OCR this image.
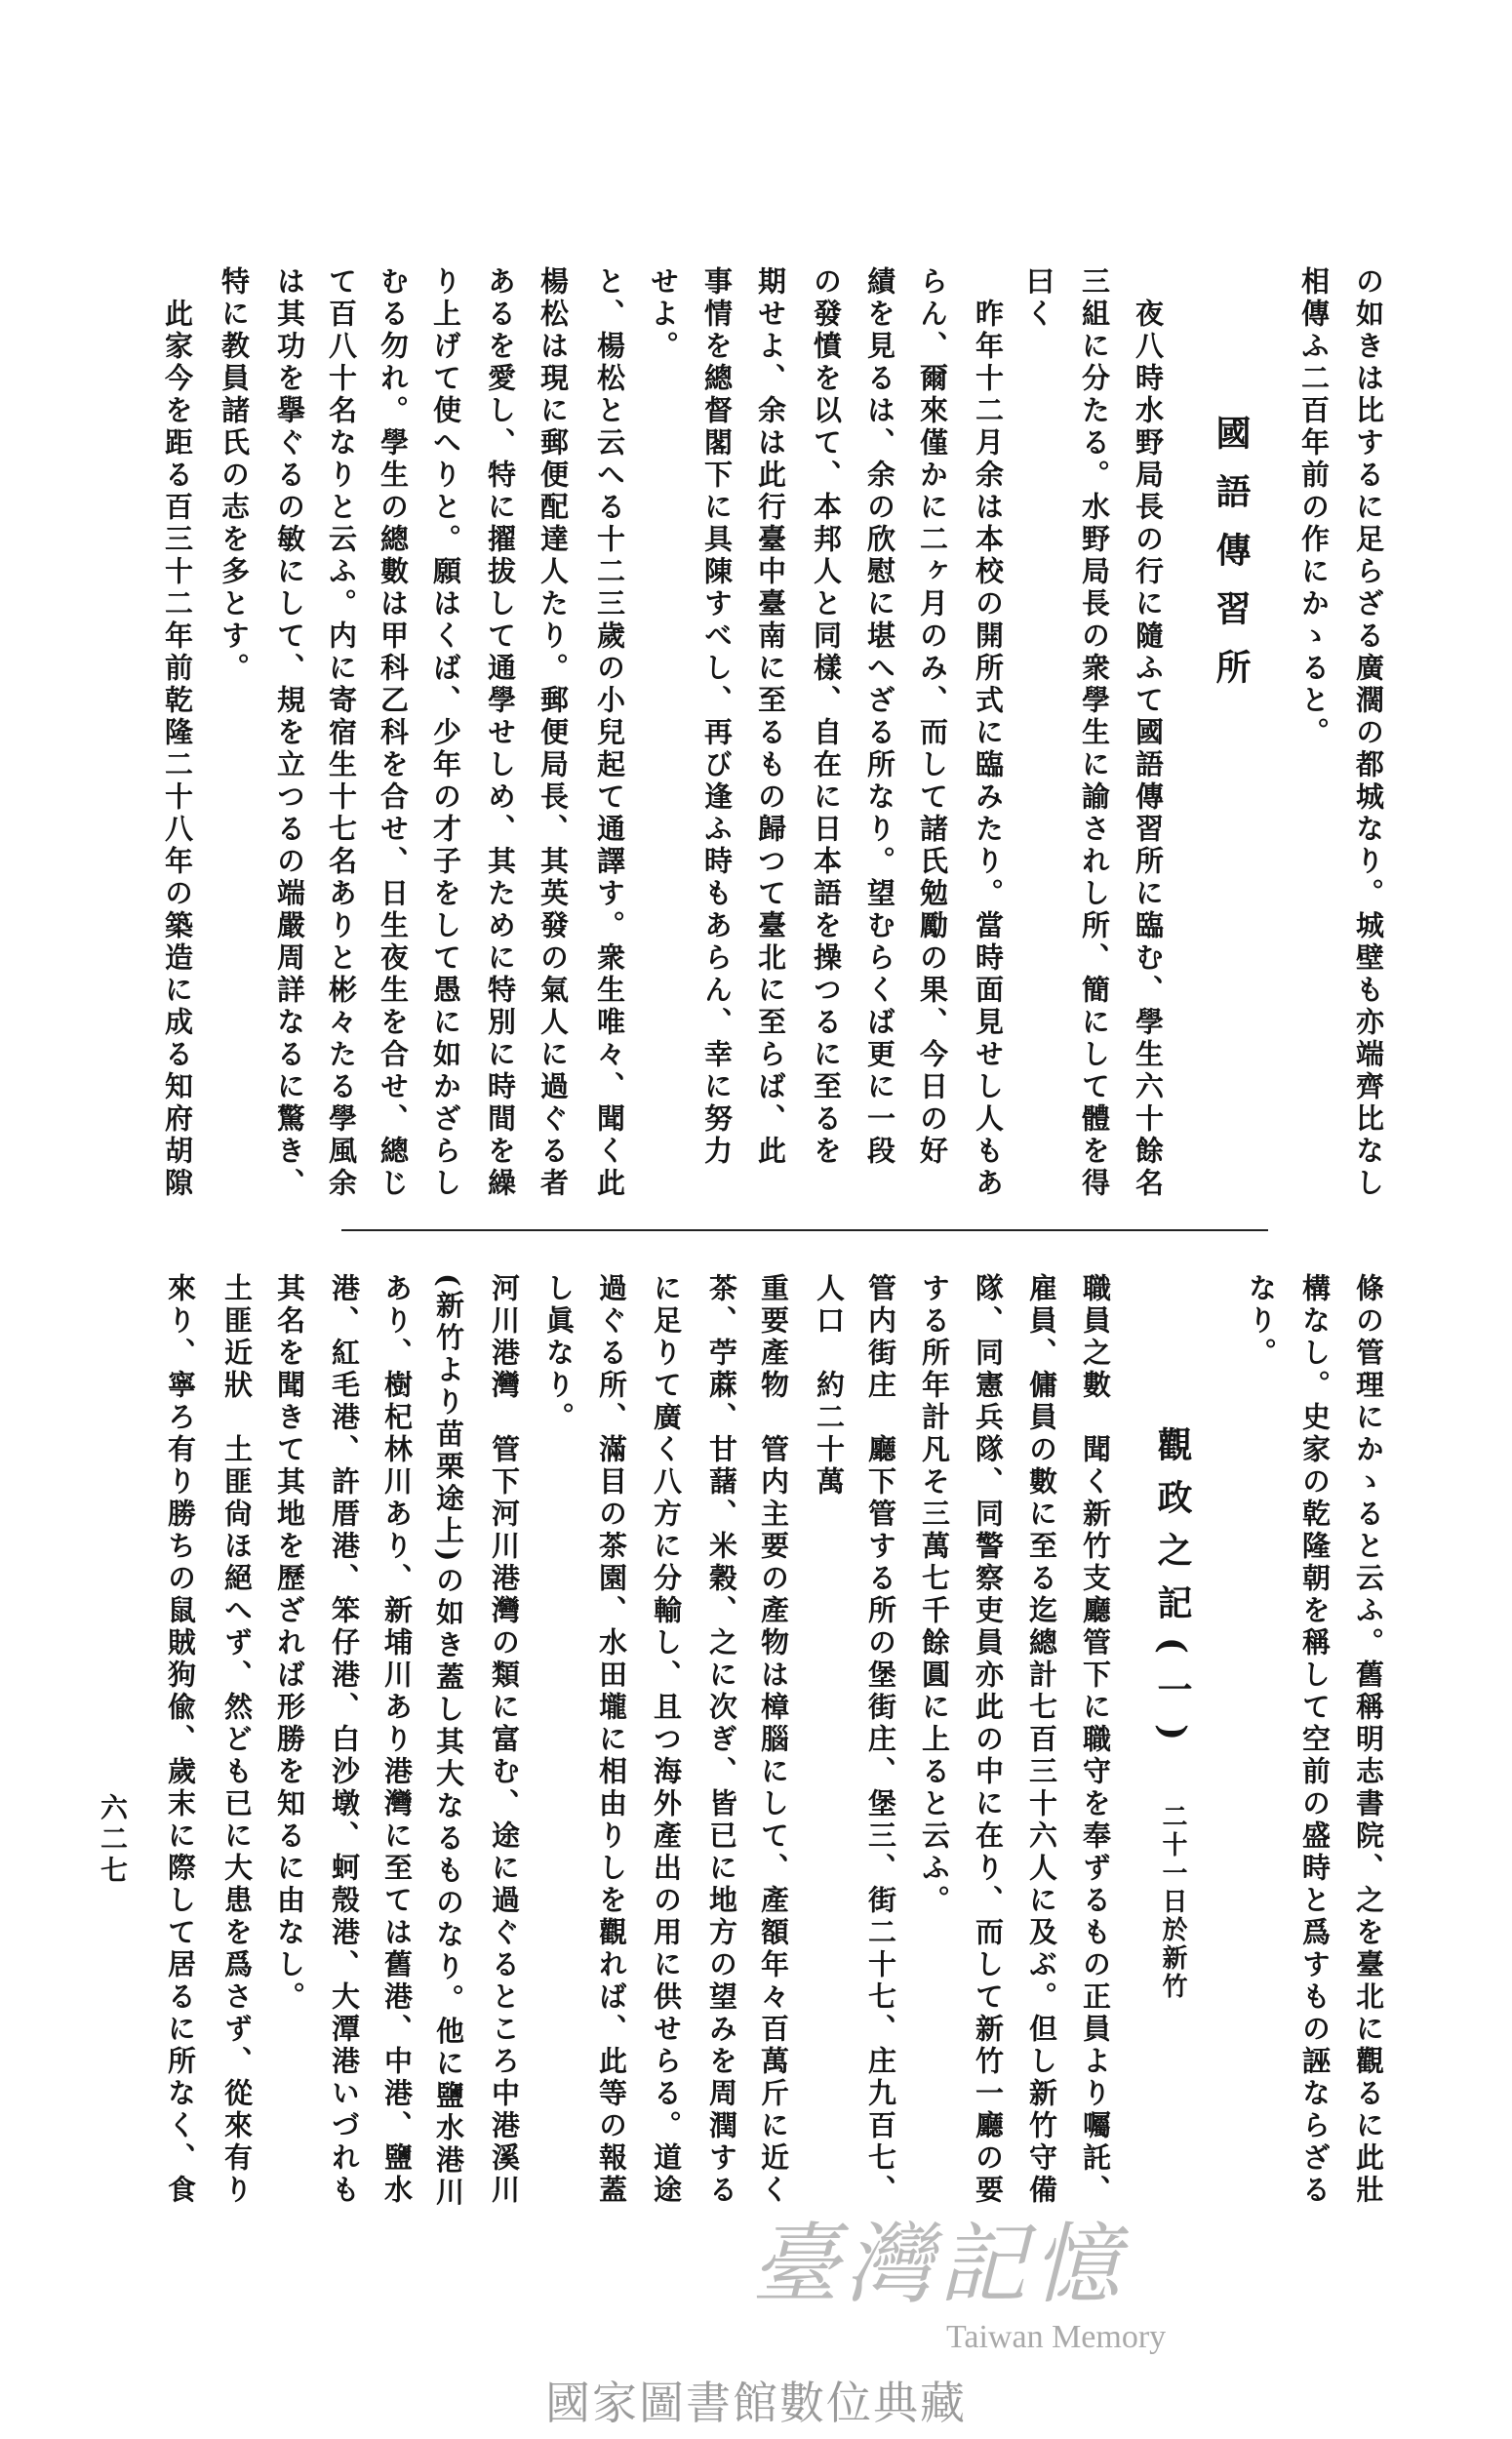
國語傳習所
觀政之記(一)
二十一日於新竹
六二七
臺灣記憶
Taiwan Memory
國家圖書館數位典藏
の如きは比するに足らざる廣濶の都城なり。城壁も亦端齊比なし
相傳ふ二百年前の作にかゝると。
夜八時水野局長の行に隨ふて國語傳習所に臨む、學生六十餘名
三組に分たる。水野局長の衆學生に諭されし所、簡にして體を得
曰く
昨年十二月余は本校の開所式に臨みたり。當時面見せし人もあ
らん、爾來僅かに二ヶ月のみ、而して諸氏勉勵の果、今日の好
績を見るは、余の欣慰に堪へざる所なり。望むらくば更に一段
の發憤を以て、本邦人と同樣、自在に日本語を操つるに至るを
期せよ、余は此行臺中臺南に至るもの歸つて臺北に至らば、此
事情を總督閣下に具陳すべし、再び逢ふ時もあらん、幸に努力
せよ。
と、楊松と云へる十二三歲の小兒起て通譯す。衆生唯々、聞く此
楊松は現に郵便配達人たり。郵便局長、其英發の氣人に過ぐる者
あるを愛し、特に擢拔して通學せしめ、其ために特別に時間を繰
り上げて使へりと。願はくば、少年の才子をして愚に如かざらし
むる勿れ。學生の總數は甲科乙科を合せ、日生夜生を合せ、總じ
て百八十名なりと云ふ。内に寄宿生十七名ありと彬々たる學風余
は其功を擧ぐるの敏にして、規を立つるの端嚴周詳なるに驚き、
特に教員諸氏の志を多とす。
此家今を距る百三十二年前乾隆二十八年の築造に成る知府胡隙
條の管理にかゝると云ふ。舊稱明志書院、之を臺北に觀るに此壯
構なし。史家の乾隆朝を稱して空前の盛時と爲すもの誣ならざる
なり。
職員之數　聞く新竹支廳管下に職守を奉ずるもの正員より囑託、
雇員、傭員の數に至る迄總計七百三十六人に及ぶ。但し新竹守備
隊、同憲兵隊、同警察吏員亦此の中に在り、而して新竹一廳の要
する所年計凡そ三萬七千餘圓に上ると云ふ。
管内街庄　廳下管する所の堡街庄、堡三、街二十七、庄九百七、
人口　約二十萬
重要產物　管内主要の產物は樟腦にして、產額年々百萬斤に近く
茶、苧蔴、甘藷、米穀、之に次ぎ、皆已に地方の望みを周潤する
に足りて廣く八方に分輸し、且つ海外產出の用に供せらる。道途
過ぐる所、滿目の茶園、水田壠に相由りしを觀れば、此等の報蓋
し眞なり。
河川港灣　管下河川港灣の類に富む、途に過ぐるところ中港溪川
(新竹より苗栗途上)の如き蓋し其大なるものなり。他に鹽水港川
あり、樹杞林川あり、新埔川あり港灣に至ては舊港、中港、鹽水
港、紅毛港、許厝港、笨仔港、白沙墩、蚵殼港、大潭港いづれも
其名を聞きて其地を歷ざれば形勝を知るに由なし。
土匪近狀　土匪尙ほ絕へず、然ども已に大患を爲さず、從來有り
來り、寧ろ有り勝ちの鼠賊狗偸、歲末に際して居るに所なく、食
